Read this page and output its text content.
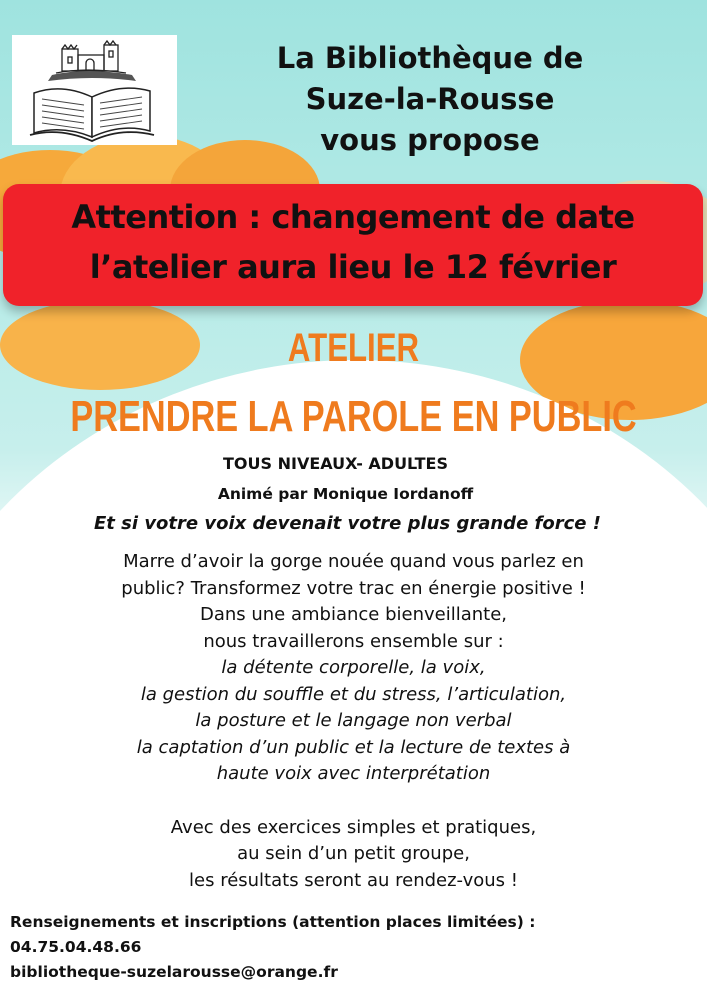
La Bibliothèque de
Suze-la-Rousse
vous propose
Attention : changement de date
l’atelier aura lieu le 12 février
ATELIER
PRENDRE LA PAROLE EN PUBLIC
TOUS NIVEAUX- ADULTES
Animé par Monique Iordanoff
Et si votre voix devenait votre plus grande force !
Marre d’avoir la gorge nouée quand vous parlez en
public? Transformez votre trac en énergie positive !
Dans une ambiance bienveillante,
nous travaillerons ensemble sur :
la détente corporelle, la voix,
la gestion du souffle et du stress, l’articulation,
la posture et le langage non verbal
la captation d’un public et la lecture de textes à
haute voix avec interprétation
Avec des exercices simples et pratiques,
au sein d’un petit groupe,
les résultats seront au rendez-vous !
Renseignements et inscriptions (attention places limitées) :
04.75.04.48.66
bibliotheque-suzelarousse@orange.fr
